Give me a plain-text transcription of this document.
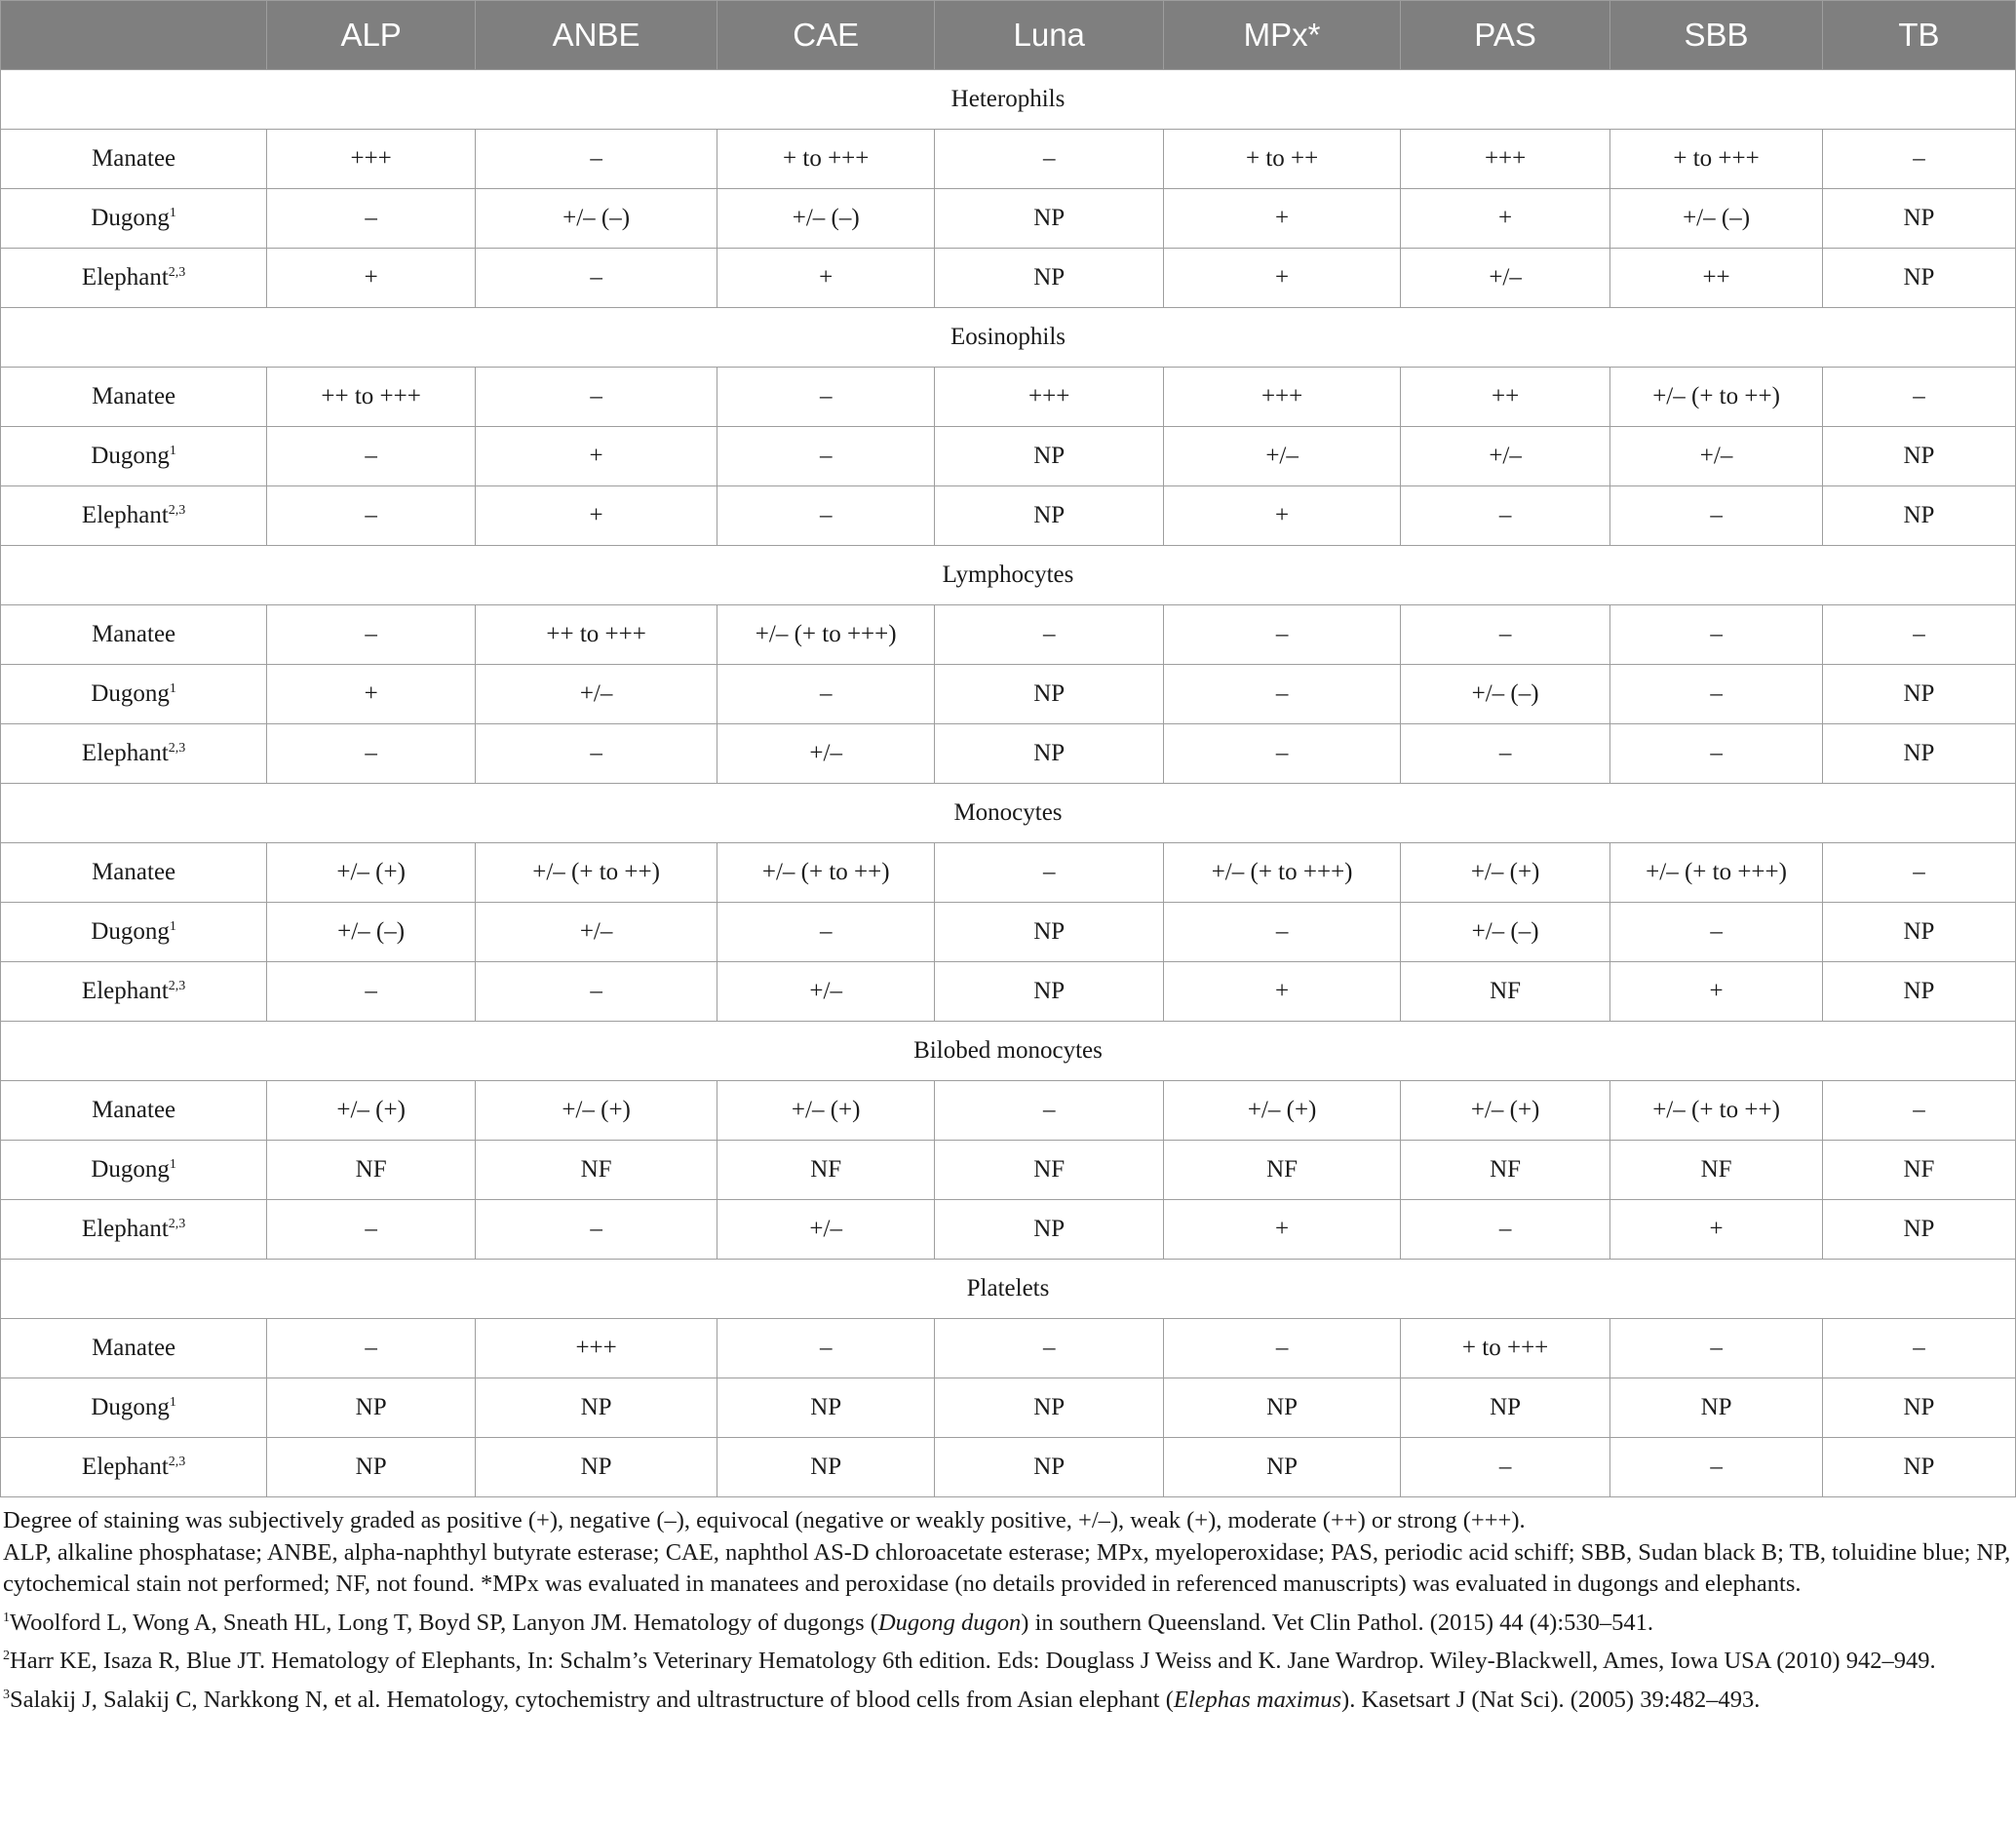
	ALP	ANBE	CAE	Luna	MPx*	PAS	SBB	TB
Heterophils								
Manatee	+++	–	+ to +++	–	+ to ++	+++	+ to +++	–
Dugong$^1$	–	+/– (–)	+/– (–)	NP	+	+	+/– (–)	NP
Elephant$^{2,3}$	+	–	+	NP	+	+/–	++	NP
Eosinophils								
Manatee	++ to +++	–	–	+++	+++	++	+/– (+ to ++)	–
Dugong$^1$	–	+	–	NP	+/–	+/–	+/–	NP
Elephant$^{2,3}$	–	+	–	NP	+	–	–	NP
Lymphocytes								
Manatee	–	++ to +++	+/– (+ to +++)	–	–	–	–	–
Dugong$^1$	+	+/–	–	NP	–	+/– (–)	–	NP
Elephant$^{2,3}$	–	–	+/–	NP	–	–	–	NP
Monocytes								
Manatee	+/– (+)	+/– (+ to ++)	+/– (+ to ++)	–	+/– (+ to +++)	+/– (+)	+/– (+ to +++)	–
Dugong$^1$	+/– (–)	+/–	–	NP	–	+/– (–)	–	NP
Elephant$^{2,3}$	–	–	+/–	NP	+	NF	+	NP
Bilobed monocytes								
Manatee	+/– (+)	+/– (+)	+/– (+)	–	+/– (+)	+/– (+)	+/– (+ to ++)	–
Dugong$^1$	NF	NF	NF	NF	NF	NF	NF	NF
Elephant$^{2,3}$	–	–	+/–	NP	+	–	+	NP
Platelets								
Manatee	–	+++	–	–	–	+ to +++	–	–
Dugong$^1$	NP	NP	NP	NP	NP	NP	NP	NP
Elephant$^{2,3}$	NP	NP	NP	NP	NP	–	–	NP

Degree of staining was subjectively graded as positive (+), negative (–), equivocal (negative or weakly positive, +/–), weak (+), moderate (++) or strong (+++).

ALP, alkaline phosphatase; ANBE, alpha-naphthyl butyrate esterase; CAE, naphthol AS-D chloroacetate esterase; MPx, myeloperoxidase; PAS, periodic acid schiff; SBB, Sudan black B; TB, toluidine blue; NP, cytochemical stain not performed; NF, not found. *MPx was evaluated in manatees and peroxidase (no details provided in referenced manuscripts) was evaluated in dugongs and elephants.

$^1$Woolford L, Wong A, Sneath HL, Long T, Boyd SP, Lanyon JM. Hematology of dugongs (Dugong dugon) in southern Queensland. Vet Clin Pathol. (2015) 44 (4):530–541.

$^2$Harr KE, Isaza R, Blue JT. Hematology of Elephants, In: Schalm’s Veterinary Hematology 6th edition. Eds: Douglass J Weiss and K. Jane Wardrop. Wiley-Blackwell, Ames, Iowa USA (2010) 942–949.

$^3$Salakij J, Salakij C, Narkkong N, et al. Hematology, cytochemistry and ultrastructure of blood cells from Asian elephant (Elephas maximus). Kasetsart J (Nat Sci). (2005) 39:482–493.
